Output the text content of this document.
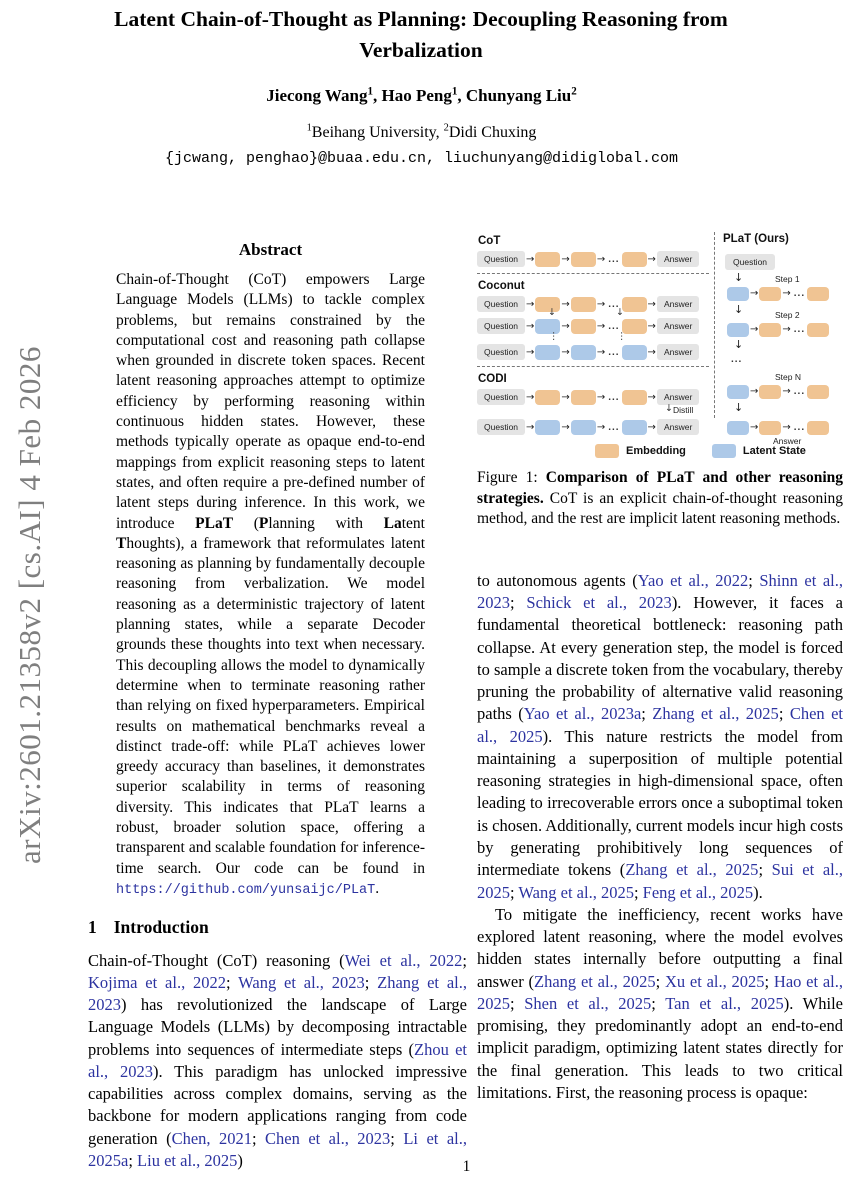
arXiv:2601.21358v2 [cs.AI] 4 Feb 2026
Latent Chain-of-Thought as Planning: Decoupling Reasoning from Verbalization
Jiecong Wang$^1$, Hao Peng$^1$, Chunyang Liu$^2$
$^1$Beihang University, $^2$Didi Chuxing
{jcwang, penghao}@buaa.edu.cn, liuchunyang@didiglobal.com
Abstract

Chain-of-Thought (CoT) empowers Large Language Models (LLMs) to tackle complex problems, but remains constrained by the computational cost and reasoning path collapse when grounded in discrete token spaces. Recent latent reasoning approaches attempt to optimize efficiency by performing reasoning within continuous hidden states. However, these methods typically operate as opaque end-to-end mappings from explicit reasoning steps to latent states, and often require a pre-defined number of latent steps during inference. In this work, we introduce PLaT (Planning with Latent Thoughts), a framework that reformulates latent reasoning as planning by fundamentally decouple reasoning from verbalization. We model reasoning as a deterministic trajectory of latent planning states, while a separate Decoder grounds these thoughts into text when necessary. This decoupling allows the model to dynamically determine when to terminate reasoning rather than relying on fixed hyperparameters. Empirical results on mathematical benchmarks reveal a distinct trade-off: while PLaT achieves lower greedy accuracy than baselines, it demonstrates superior scalability in terms of reasoning diversity. This indicates that PLaT learns a robust, broader solution space, offering a transparent and scalable foundation for inference-time search. Our code can be found in https://github.com/yunsaijc/PLaT.

1 Introduction

Chain-of-Thought (CoT) reasoning (Wei et al., 2022; Kojima et al., 2022; Wang et al., 2023; Zhang et al., 2023) has revolutionized the landscape of Large Language Models (LLMs) by decomposing intractable problems into sequences of intermediate steps (Zhou et al., 2023). This paradigm has unlocked impressive capabilities across complex domains, serving as the backbone for modern applications ranging from code generation (Chen, 2021; Chen et al., 2023; Li et al., 2025a; Liu et al., 2025)

CoT
Question →	→	→ ...	→ Answer
Coconut
Question →	→	→ ...	→ Answer
Question →	→	→ ...	→ Answer
Question →	→	→ ...	→ Answer
↓	↓
⋮	⋮
CODI
Question →	→	→ ...	→ Answer
Question →	→	→ ...	→ Answer
↓ Distill
PLaT (Ours)
Question
↓	Step 1
→ → ...
↓	Step 2
→ → ...
↓
...
Step N
→ → ...
↓
Answer
→ → ...
Embedding	Latent State

Figure 1: Comparison of PLaT and other reasoning strategies. CoT is an explicit chain-of-thought reasoning method, and the rest are implicit latent reasoning methods.

to autonomous agents (Yao et al., 2022; Shinn et al., 2023; Schick et al., 2023). However, it faces a fundamental theoretical bottleneck: reasoning path collapse. At every generation step, the model is forced to sample a discrete token from the vocabulary, thereby pruning the probability of alternative valid reasoning paths (Yao et al., 2023a; Zhang et al., 2025; Chen et al., 2025). This nature restricts the model from maintaining a superposition of multiple potential reasoning strategies in high-dimensional space, often leading to irrecoverable errors once a suboptimal token is chosen. Additionally, current models incur high costs by generating prohibitively long sequences of intermediate tokens (Zhang et al., 2025; Sui et al., 2025; Wang et al., 2025; Feng et al., 2025).

To mitigate the inefficiency, recent works have explored latent reasoning, where the model evolves hidden states internally before outputting a final answer (Zhang et al., 2025; Xu et al., 2025; Hao et al., 2025; Shen et al., 2025; Tan et al., 2025). While promising, they predominantly adopt an end-to-end implicit paradigm, optimizing latent states directly for the final generation. This leads to two critical limitations. First, the reasoning process is opaque:

1
